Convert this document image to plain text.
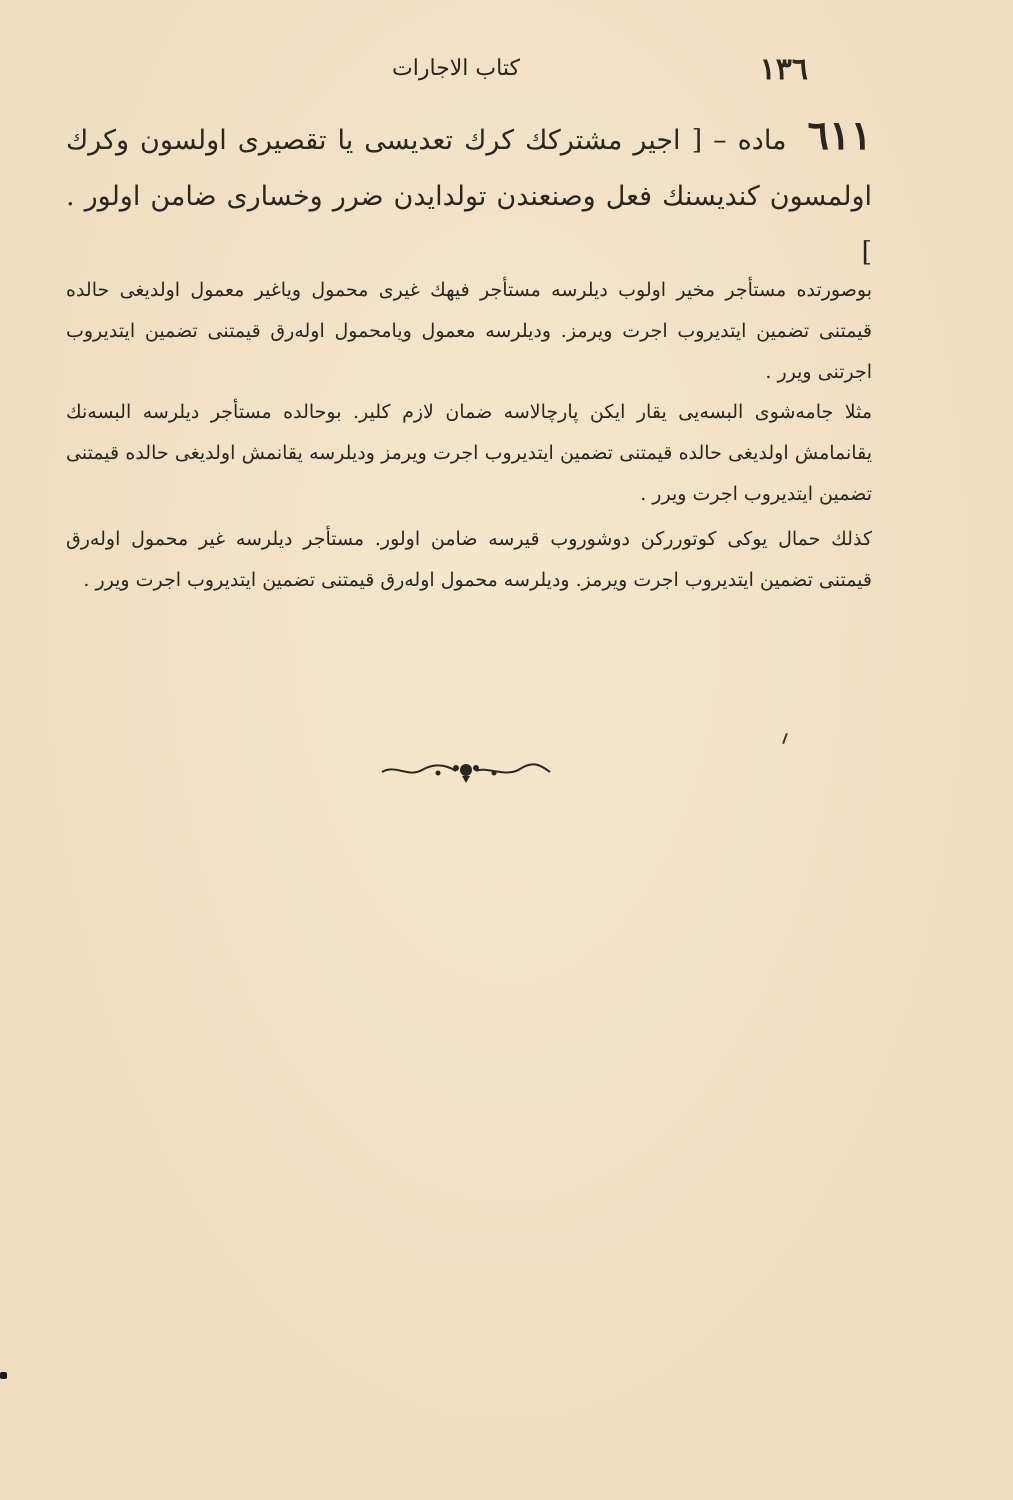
١٣٦
كتاب الاجارات
٦١١ ماده – [ اجیر مشترکك کرك تعدیسی یا تقصیری اولسون وکرك اولمسون کندیسنك فعل وصنعندن تولدایدن ضرر وخساری ضامن اولور . ]
بوصورتده مستأجر مخیر اولوب دیلرسه مستأجر فیهك غیری محمول ویاغیر معمول اولدیغی حالده قیمتنی تضمین ایتدیروب اجرت ویرمز. ودیلرسه معمول ویامحمول اوله‌رق قیمتنی تضمین ایتدیروب اجرتنی ویرر .
مثلا جامه‌شوی البسه‌یی یقار ایکن پارچالاسه ضمان لازم کلیر. بوحالده مستأجر دیلرسه البسه‌نك یقانمامش اولدیغی حالده قیمتنی تضمین ایتدیروب اجرت ویرمز ودیلرسه یقانمش اولدیغی حالده قیمتنی تضمین ایتدیروب اجرت ویرر .
کذلك حمال یوکی کوتوررکن دوشوروب قیرسه ضامن اولور. مستأجر دیلرسه غیر محمول اوله‌رق قیمتنی تضمین ایتدیروب اجرت ویرمز. ودیلرسه محمول اوله‌رق قیمتنی تضمین ایتدیروب اجرت ویرر .
